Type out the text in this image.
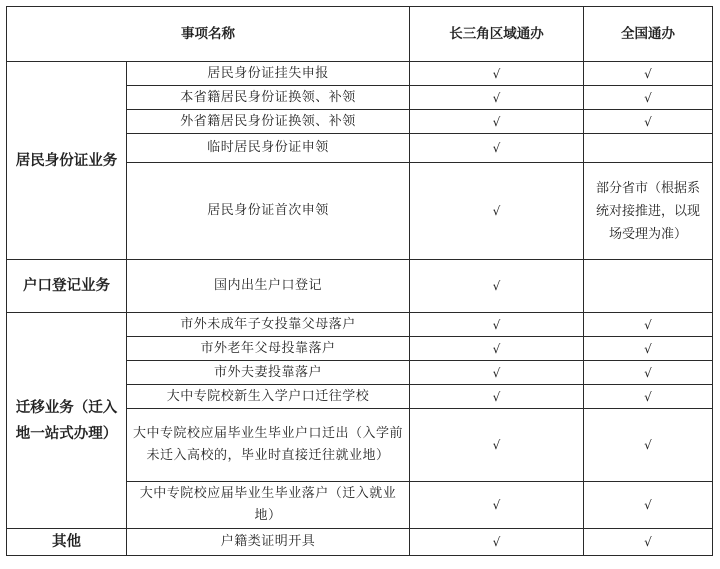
事项名称		长三角区域通办	全国通办
居民身份证业务	居民身份证挂失申报	√	√
	本省籍居民身份证换领、补领	√	√
	外省籍居民身份证换领、补领	√	√
	临时居民身份证申领	√	
	居民身份证首次申领	√	部分省市（根据系统对接推进，以现场受理为准）
户口登记业务	国内出生户口登记	√	
迁移业务（迁入地一站式办理）	市外未成年子女投靠父母落户	√	√
	市外老年父母投靠落户	√	√
	市外夫妻投靠落户	√	√
	大中专院校新生入学户口迁往学校	√	√
	大中专院校应届毕业生毕业户口迁出（入学前未迁入高校的，毕业时直接迁往就业地）	√	√
	大中专院校应届毕业生毕业落户（迁入就业地）	√	√
其他	户籍类证明开具	√	√
